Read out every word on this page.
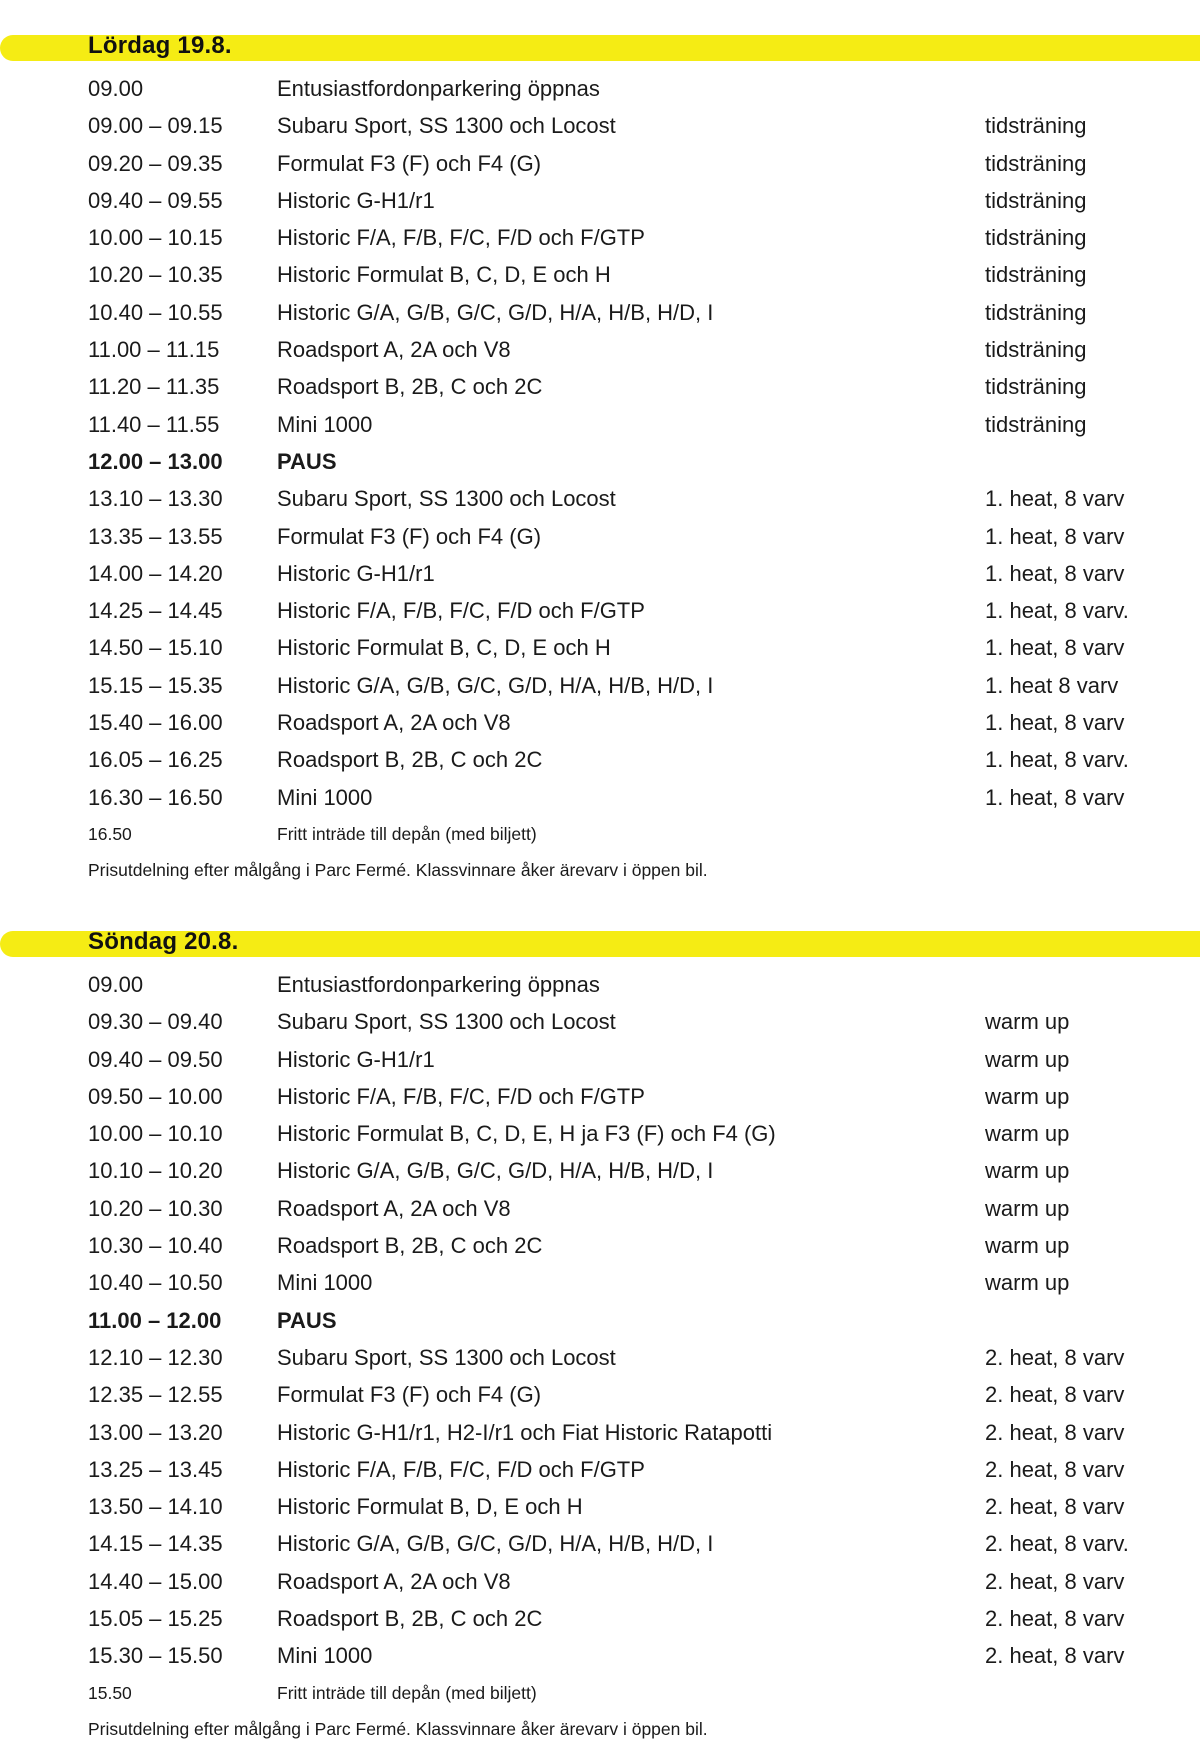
Lördag 19.8.
09.00	Entusiastfordonparkering öppnas
09.00 – 09.15 Subaru Sport, SS 1300 och Locost	tidsträning
09.20 – 09.35 Formulat F3 (F) och F4 (G)	tidsträning
09.40 – 09.55 Historic G-H1/r1	tidsträning
10.00 – 10.15 Historic F/A, F/B, F/C, F/D och F/GTP	tidsträning
10.20 – 10.35 Historic Formulat B, C, D, E och H	tidsträning
10.40 – 10.55 Historic G/A, G/B, G/C, G/D, H/A, H/B, H/D, I	tidsträning
11.00 – 11.15	Roadsport A, 2A och V8	tidsträning
11.20 – 11.35	Roadsport B, 2B, C och 2C	tidsträning
11.40 – 11.55	Mini 1000	tidsträning
12.00 – 13.00 PAUS
13.10 – 13.30 Subaru Sport, SS 1300 och Locost	1. heat, 8 varv
13.35 – 13.55 Formulat F3 (F) och F4 (G)	1. heat, 8 varv
14.00 – 14.20 Historic G-H1/r1	1. heat, 8 varv
14.25 – 14.45 Historic F/A, F/B, F/C, F/D och F/GTP	1. heat, 8 varv.
14.50 – 15.10 Historic Formulat B, C, D, E och H	1. heat, 8 varv
15.15 – 15.35 Historic G/A, G/B, G/C, G/D, H/A, H/B, H/D, I	1. heat 8 varv
15.40 – 16.00 Roadsport A, 2A och V8	1. heat, 8 varv
16.05 – 16.25 Roadsport B, 2B, C och 2C	1. heat, 8 varv.
16.30 – 16.50 Mini 1000	1. heat, 8 varv
16.50	Fritt inträde till depån (med biljett)
Prisutdelning efter målgång i Parc Fermé. Klassvinnare åker ärevarv i öppen bil.
Söndag 20.8.
09.00	Entusiastfordonparkering öppnas
09.30 – 09.40 Subaru Sport, SS 1300 och Locost	warm up
09.40 – 09.50 Historic G-H1/r1	warm up
09.50 – 10.00 Historic F/A, F/B, F/C, F/D och F/GTP	warm up
10.00 – 10.10 Historic Formulat B, C, D, E, H ja F3 (F) och F4 (G)	warm up
10.10 – 10.20 Historic G/A, G/B, G/C, G/D, H/A, H/B, H/D, I	warm up
10.20 – 10.30 Roadsport A, 2A och V8	warm up
10.30 – 10.40 Roadsport B, 2B, C och 2C	warm up
10.40 – 10.50 Mini 1000	warm up
11.00 – 12.00	PAUS
12.10 – 12.30 Subaru Sport, SS 1300 och Locost	2. heat, 8 varv
12.35 – 12.55 Formulat F3 (F) och F4 (G)	2. heat, 8 varv
13.00 – 13.20 Historic G-H1/r1, H2-I/r1 och Fiat Historic Ratapotti	2. heat, 8 varv
13.25 – 13.45 Historic F/A, F/B, F/C, F/D och F/GTP	2. heat, 8 varv
13.50 – 14.10 Historic Formulat B, D, E och H	2. heat, 8 varv
14.15 – 14.35 Historic G/A, G/B, G/C, G/D, H/A, H/B, H/D, I	2. heat, 8 varv.
14.40 – 15.00 Roadsport A, 2A och V8	2. heat, 8 varv
15.05 – 15.25 Roadsport B, 2B, C och 2C	2. heat, 8 varv
15.30 – 15.50 Mini 1000	2. heat, 8 varv
15.50	Fritt inträde till depån (med biljett)
Prisutdelning efter målgång i Parc Fermé. Klassvinnare åker ärevarv i öppen bil.
